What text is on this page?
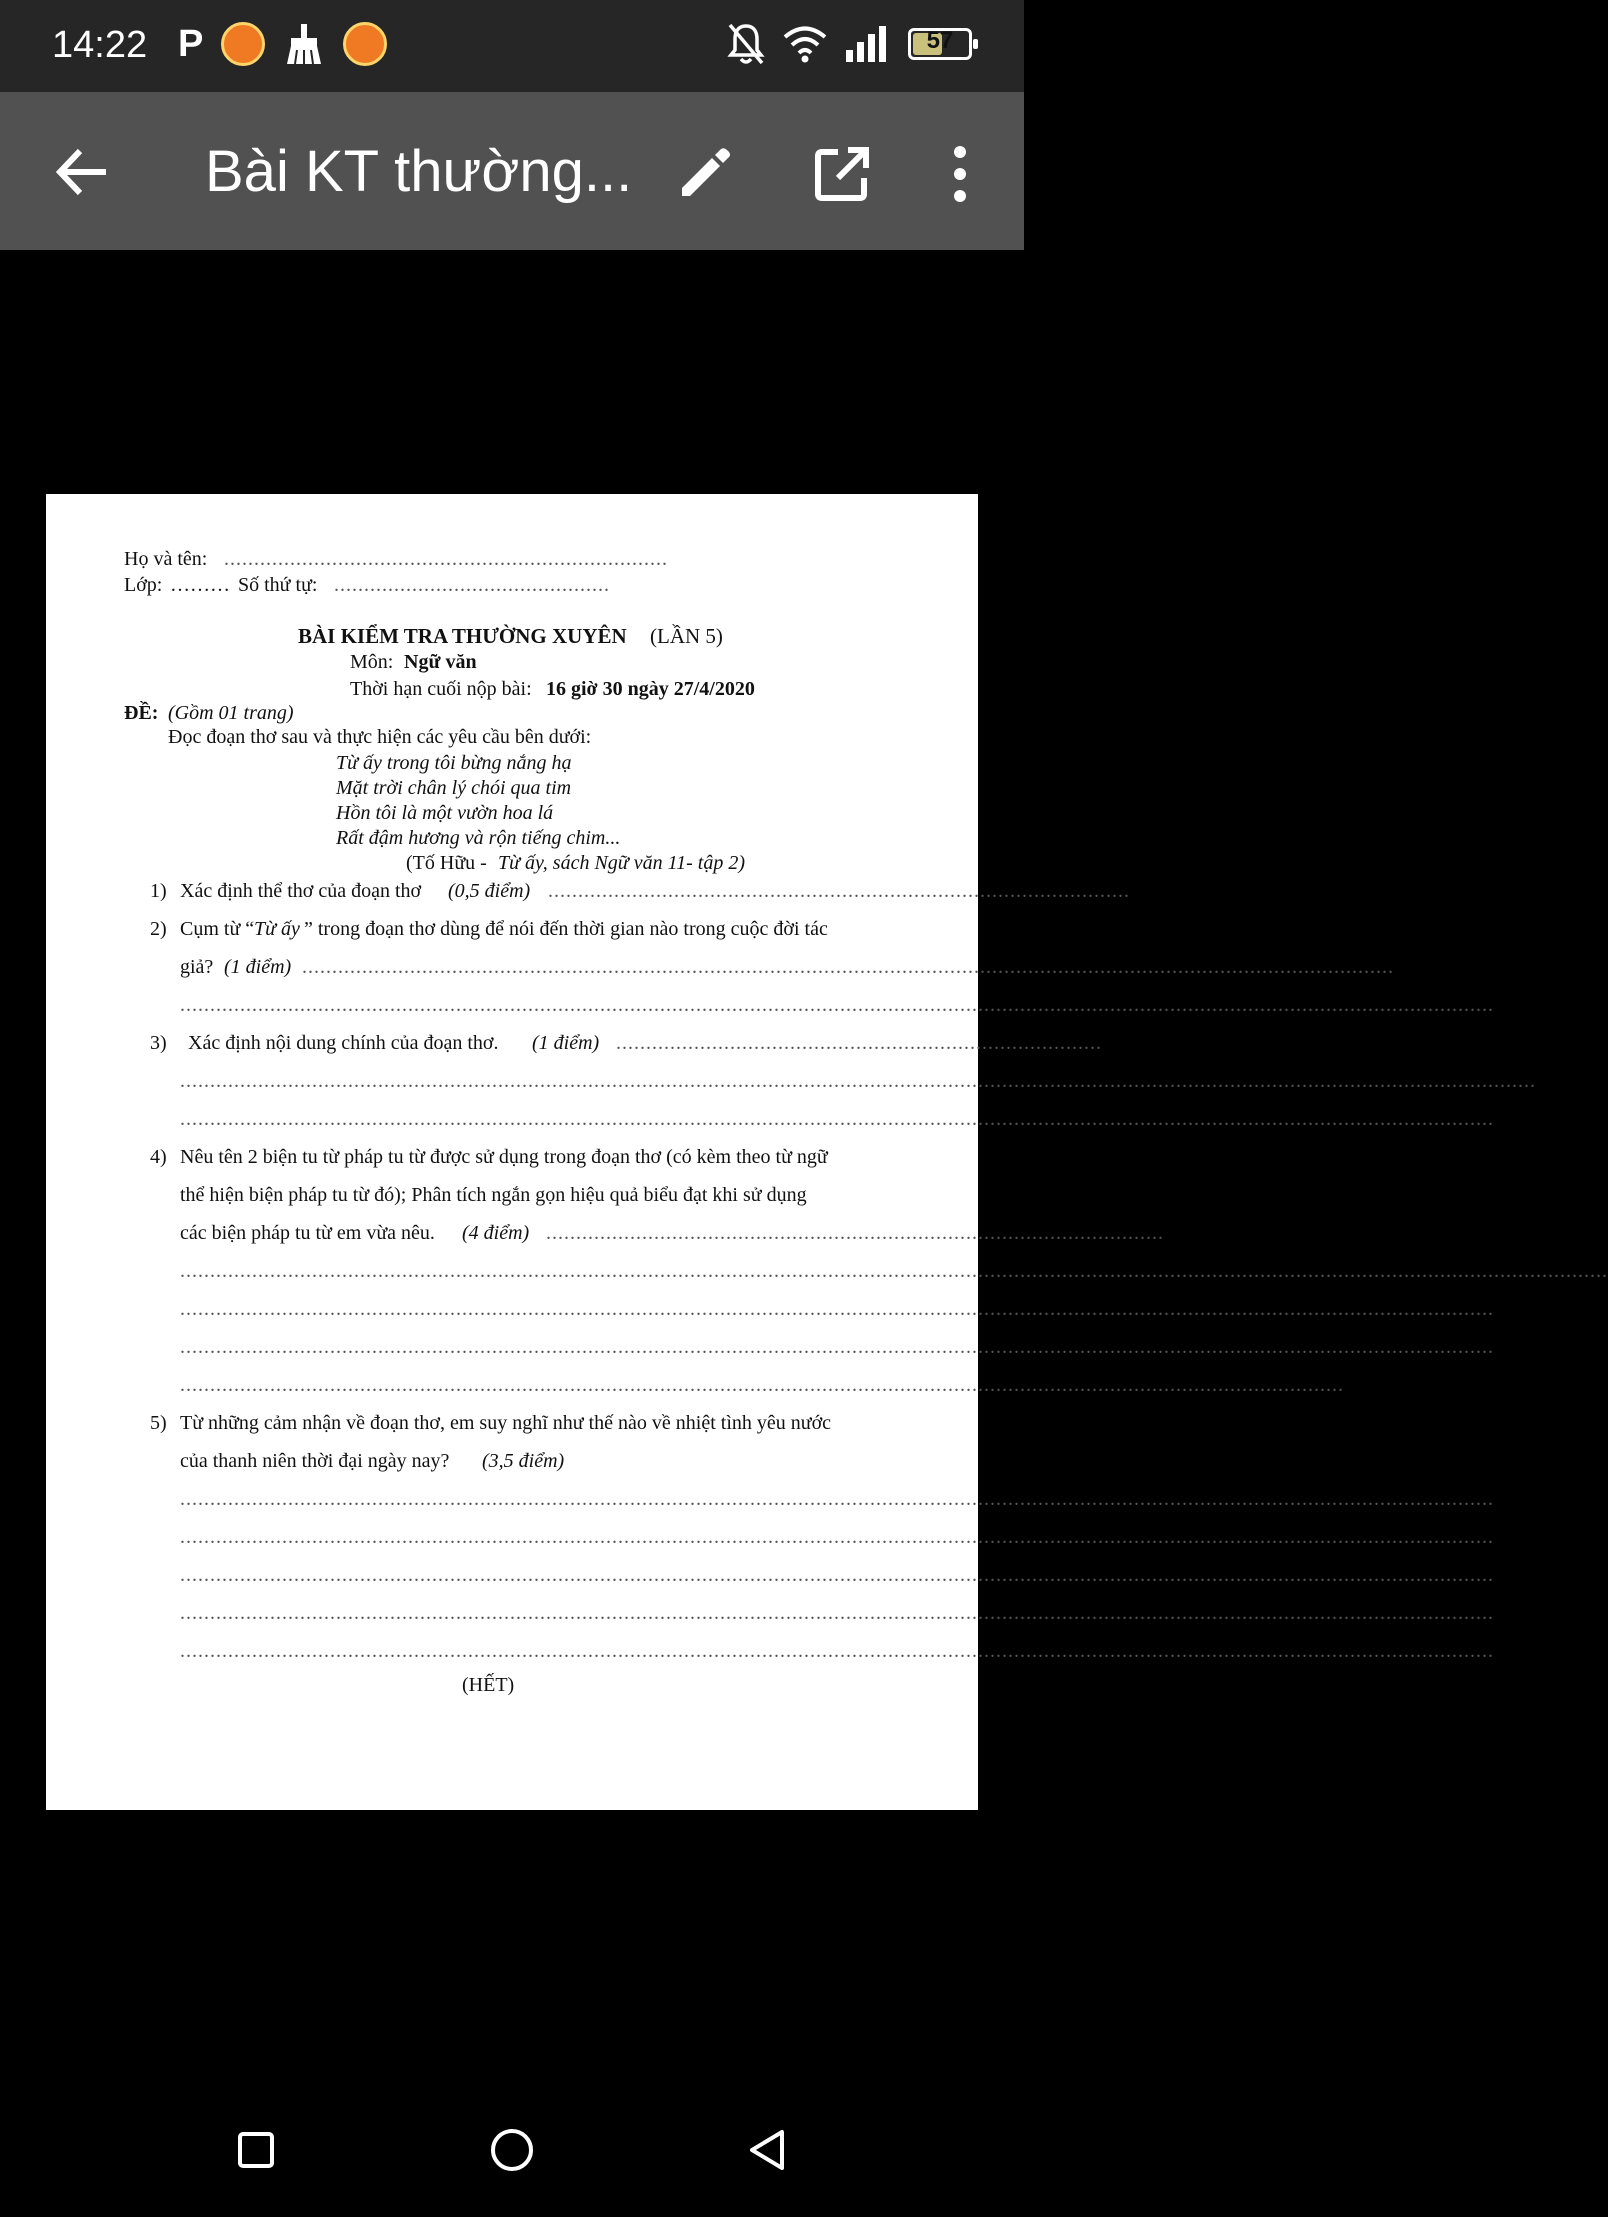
14:22 P	57
Bài KT thường...
Họ và tên: ..........................................................................
Lớp: ……… Số thứ tự: ..............................................
BÀI KIỂM TRA THƯỜNG XUYÊN (LẦN 5)
Môn: Ngữ văn
Thời hạn cuối nộp bài: 16 giờ 30 ngày 27/4/2020
ĐỀ: (Gồm 01 trang)
Đọc đoạn thơ sau và thực hiện các yêu cầu bên dưới:
Từ ấy trong tôi bừng nắng hạ
Mặt trời chân lý chói qua tim
Hồn tôi là một vườn hoa lá
Rất đậm hương và rộn tiếng chim...
(Tố Hữu - Từ ấy, sách Ngữ văn 11- tập 2)
1) Xác định thể thơ của đoạn thơ (0,5 điểm) .................................................................................................
2) Cụm từ “ Từ ấy ” trong đoạn thơ dùng để nói đến thời gian nào trong cuộc đời tác
giả? (1 điểm) ......................................................................................................................................................................................
...........................................................................................................................................................................................................................
3) Xác định nội dung chính của đoạn thơ. (1 điểm) .................................................................................
..................................................................................................................................................................................................................................
...........................................................................................................................................................................................................................
4) Nêu tên 2 biện tu từ pháp tu từ được sử dụng trong đoạn thơ (có kèm theo từ ngữ
thể hiện biện pháp tu từ đó); Phân tích ngắn gọn hiệu quả biểu đạt khi sử dụng
các biện pháp tu từ em vừa nêu. (4 điểm) .......................................................................................................
..............................................................................................................................................................................................................................................
...........................................................................................................................................................................................................................
...........................................................................................................................................................................................................................
..................................................................................................................................................................................................
5) Từ những cảm nhận về đoạn thơ, em suy nghĩ như thế nào về nhiệt tình yêu nước
của thanh niên thời đại ngày nay? (3,5 điểm)
...........................................................................................................................................................................................................................
...........................................................................................................................................................................................................................
...........................................................................................................................................................................................................................
...........................................................................................................................................................................................................................
...........................................................................................................................................................................................................................
(HẾT)
